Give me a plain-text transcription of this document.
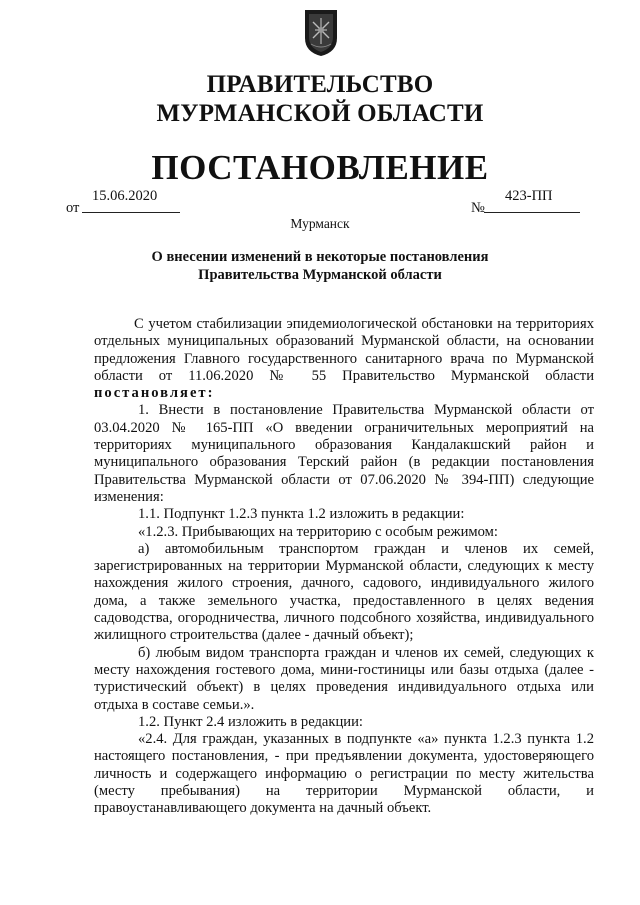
ПРАВИТЕЛЬСТВО
МУРМАНСКОЙ ОБЛАСТИ
ПОСТАНОВЛЕНИЕ
от
15.06.2020
№
423-ПП
Мурманск
О внесении изменений в некоторые постановления
Правительства Мурманской области

С учетом стабилизации эпидемиологической обстановки на территориях отдельных муниципальных образований Мурманской области, на основании предложения Главного государственного санитарного врача по Мурманской области от 11.06.2020 № 55 Правительство Мурманской области постановляет:

1. Внести в постановление Правительства Мурманской области от 03.04.2020 № 165-ПП «О введении ограничительных мероприятий на территориях муниципального образования Кандалакшский район и муниципального образования Терский район (в редакции постановления Правительства Мурманской области от 07.06.2020 № 394-ПП) следующие изменения:

1.1. Подпункт 1.2.3 пункта 1.2 изложить в редакции:

«1.2.3. Прибывающих на территорию с особым режимом:

а) автомобильным транспортом граждан и членов их семей, зарегистрированных на территории Мурманской области, следующих к месту нахождения жилого строения, дачного, садового, индивидуального жилого дома, а также земельного участка, предоставленного в целях ведения садоводства, огородничества, личного подсобного хозяйства, индивидуального жилищного строительства (далее - дачный объект);

б) любым видом транспорта граждан и членов их семей, следующих к месту нахождения гостевого дома, мини-гостиницы или базы отдыха (далее - туристический объект) в целях проведения индивидуального отдыха или отдыха в составе семьи.».

1.2. Пункт 2.4 изложить в редакции:

«2.4. Для граждан, указанных в подпункте «а» пункта 1.2.3 пункта 1.2 настоящего постановления, - при предъявлении документа, удостоверяющего личность и содержащего информацию о регистрации по месту жительства (месту пребывания) на территории Мурманской области, и правоустанавливающего документа на дачный объект.
